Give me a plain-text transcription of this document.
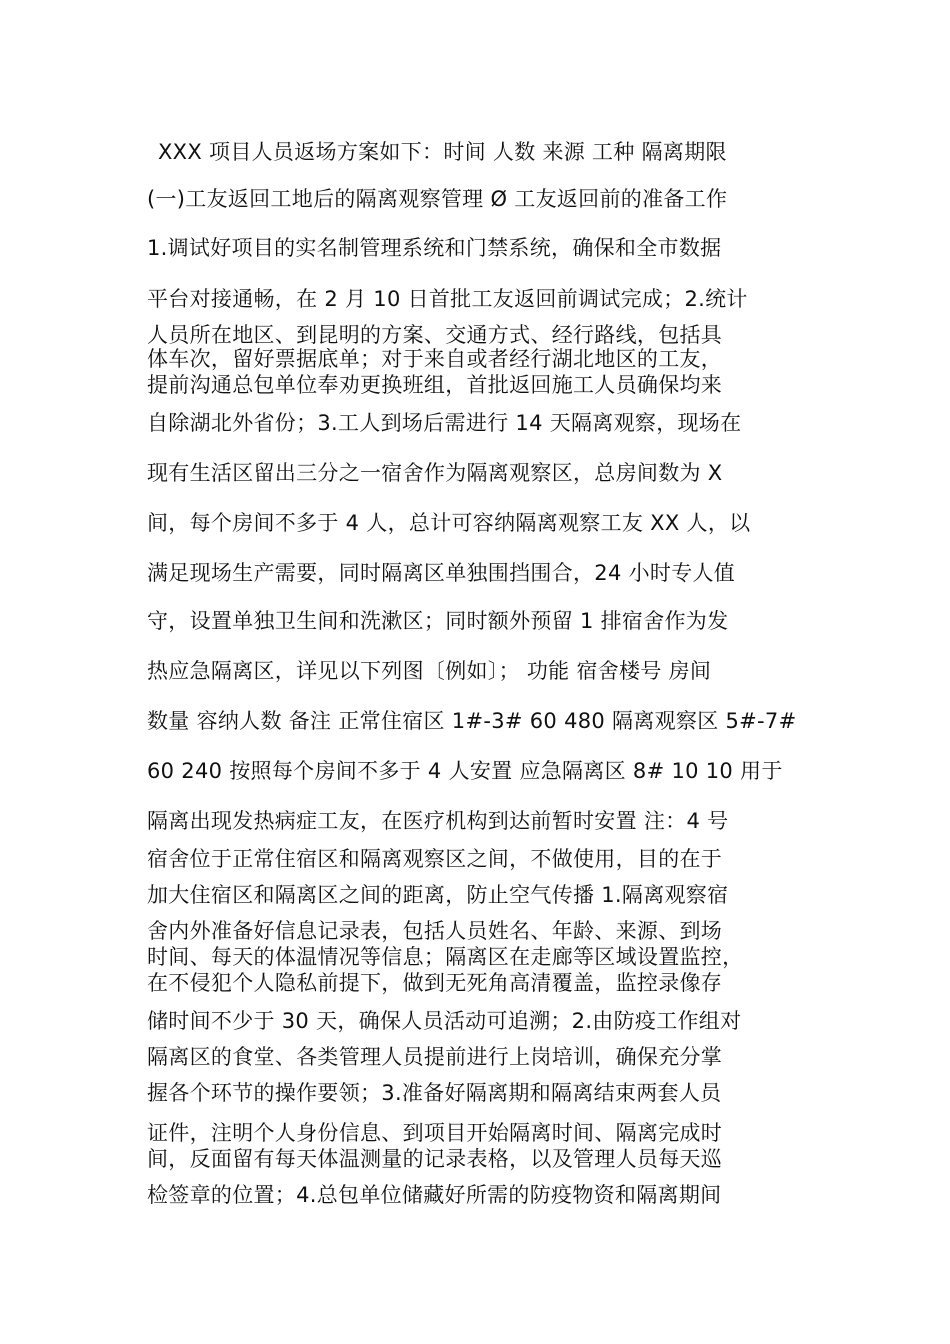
XXX 项目人员返场方案如下：时间 人数 来源 工种 隔离期限
(一)工友返回工地后的隔离观察管理 Ø 工友返回前的准备工作
1.调试好项目的实名制管理系统和门禁系统，确保和全市数据
平台对接通畅，在 2 月 10 日首批工友返回前调试完成；2.统计
人员所在地区、到昆明的方案、交通方式、经行路线，包括具
体车次，留好票据底单；对于来自或者经行湖北地区的工友，
提前沟通总包单位奉劝更换班组，首批返回施工人员确保均来
自除湖北外省份；3.工人到场后需进行 14 天隔离观察，现场在
现有生活区留出三分之一宿舍作为隔离观察区，总房间数为 X
间，每个房间不多于 4 人，总计可容纳隔离观察工友 XX 人，以
满足现场生产需要，同时隔离区单独围挡围合，24 小时专人值
守，设置单独卫生间和洗漱区；同时额外预留 1 排宿舍作为发
热应急隔离区，详见以下列图〔例如〕； 功能 宿舍楼号 房间
数量 容纳人数 备注 正常住宿区 1#-3# 60 480 隔离观察区 5#-7#
60 240 按照每个房间不多于 4 人安置 应急隔离区 8# 10 10 用于
隔离出现发热病症工友，在医疗机构到达前暂时安置 注：4 号
宿舍位于正常住宿区和隔离观察区之间，不做使用，目的在于
加大住宿区和隔离区之间的距离，防止空气传播 1.隔离观察宿
舍内外准备好信息记录表，包括人员姓名、年龄、来源、到场
时间、每天的体温情况等信息；隔离区在走廊等区域设置监控，
在不侵犯个人隐私前提下，做到无死角高清覆盖，监控录像存
储时间不少于 30 天，确保人员活动可追溯；2.由防疫工作组对
隔离区的食堂、各类管理人员提前进行上岗培训，确保充分掌
握各个环节的操作要领；3.准备好隔离期和隔离结束两套人员
证件，注明个人身份信息、到项目开始隔离时间、隔离完成时
间，反面留有每天体温测量的记录表格，以及管理人员每天巡
检签章的位置；4.总包单位储藏好所需的防疫物资和隔离期间
